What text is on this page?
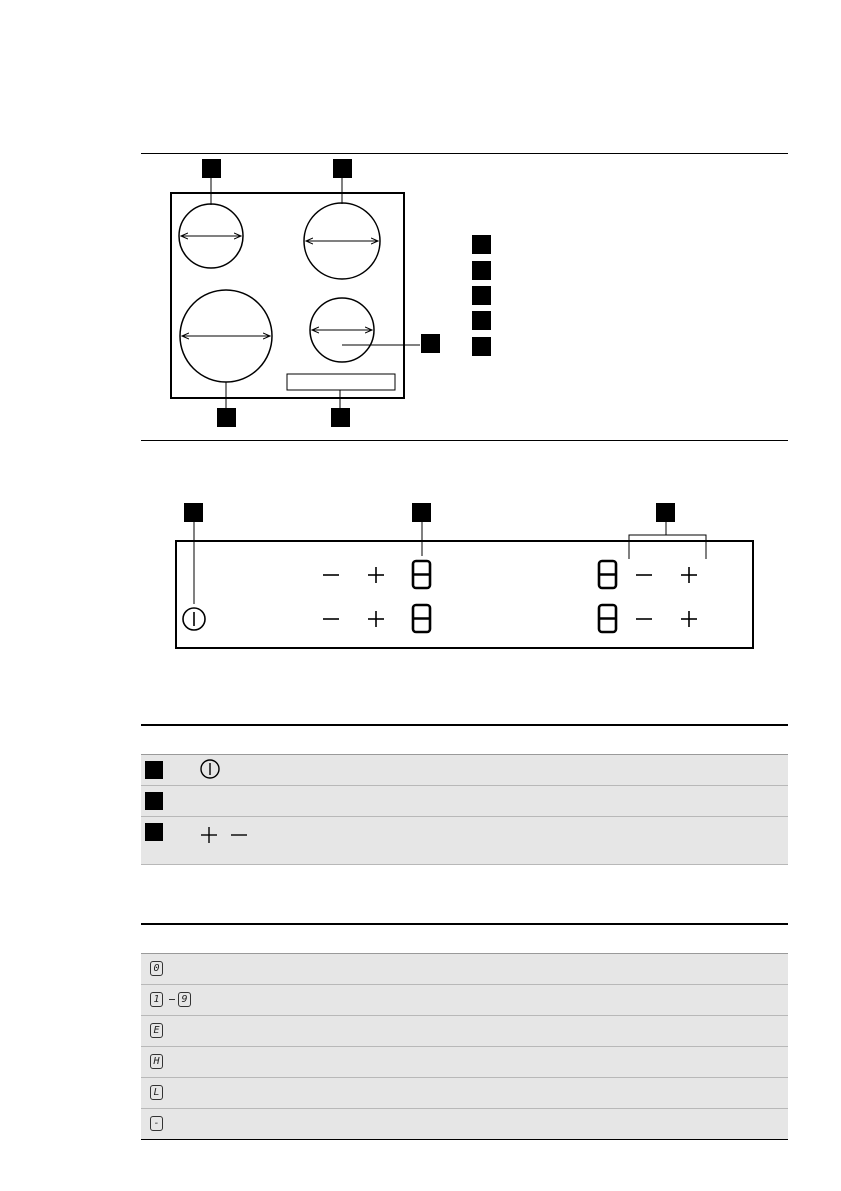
0
1	9
E
H
L
-
